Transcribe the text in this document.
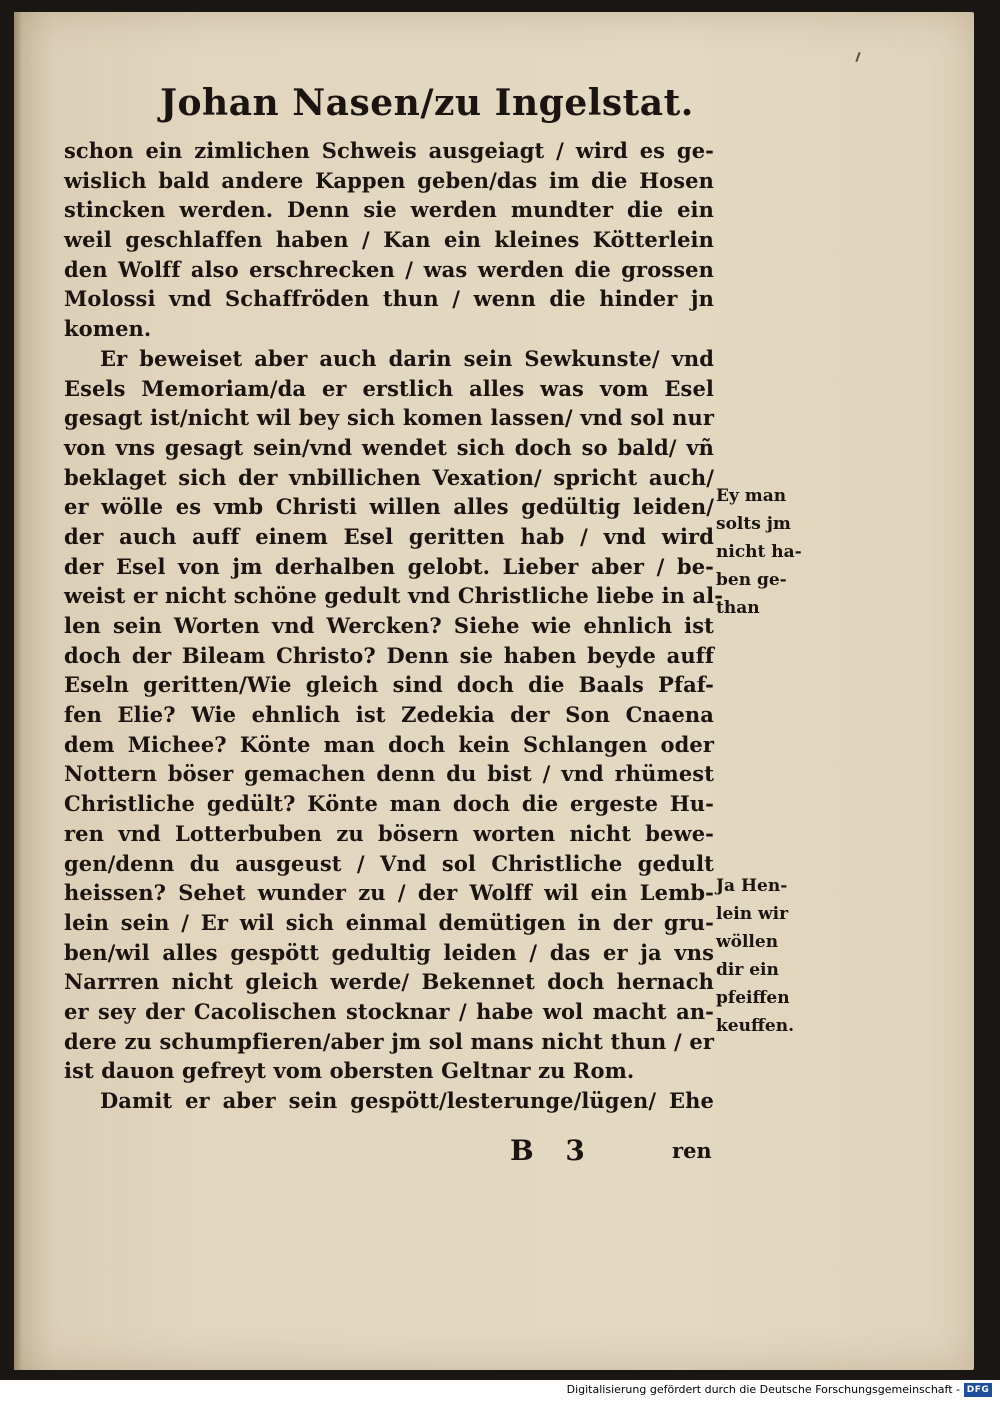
Johan Nasen/zu Ingelstat.
schon ein zimlichen Schweis ausgeiagt / wird es ge-
wislich bald andere Kappen geben/das im die Hosen
stincken werden. Denn sie werden mundter die ein
weil geschlaffen haben / Kan ein kleines Kötterlein
den Wolff also erschrecken / was werden die grossen
Molossi vnd Schaffröden thun / wenn die hinder jn
komen.
Er beweiset aber auch darin sein Sewkunste/ vnd
Esels Memoriam/da er erstlich alles was vom Esel
gesagt ist/nicht wil bey sich komen lassen/ vnd sol nur
von vns gesagt sein/vnd wendet sich doch so bald/ vñ
beklaget sich der vnbillichen Vexation/ spricht auch/
er wölle es vmb Christi willen alles gedültig leiden/
der auch auff einem Esel geritten hab / vnd wird
der Esel von jm derhalben gelobt. Lieber aber / be-
weist er nicht schöne gedult vnd Christliche liebe in al-
len sein Worten vnd Wercken? Siehe wie ehnlich ist
doch der Bileam Christo? Denn sie haben beyde auff
Eseln geritten/Wie gleich sind doch die Baals Pfaf-
fen Elie? Wie ehnlich ist Zedekia der Son Cnaena
dem Michee? Könte man doch kein Schlangen oder
Nottern böser gemachen denn du bist / vnd rhümest
Christliche gedült? Könte man doch die ergeste Hu-
ren vnd Lotterbuben zu bösern worten nicht bewe-
gen/denn du ausgeust / Vnd sol Christliche gedult
heissen? Sehet wunder zu / der Wolff wil ein Lemb-
lein sein / Er wil sich einmal demütigen in der gru-
ben/wil alles gespött gedultig leiden / das er ja vns
Narrren nicht gleich werde/ Bekennet doch hernach
er sey der Cacolischen stocknar / habe wol macht an-
dere zu schumpfieren/aber jm sol mans nicht thun / er
ist dauon gefreyt vom obersten Geltnar zu Rom.
Damit er aber sein gespött/lesterunge/lügen/ Ehe
Ey man
solts jm
nicht ha-
ben ge-
than
Ja Hen-
lein wir
wöllen
dir ein
pfeiffen
keuffen.
B 3	ren
Digitalisierung gefördert durch die Deutsche Forschungsgemeinschaft - DFG
